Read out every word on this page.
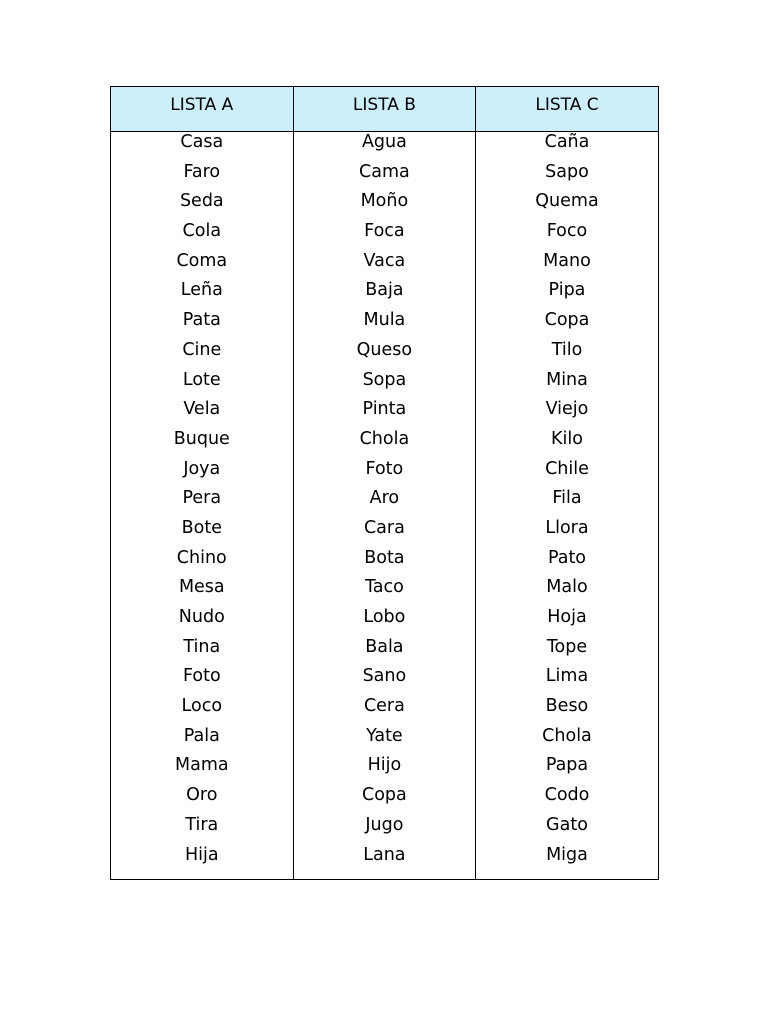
LISTA A	LISTA B	LISTA C
Casa	Agua	Caña
Faro	Cama	Sapo
Seda	Moño	Quema
Cola	Foca	Foco
Coma	Vaca	Mano
Leña	Baja	Pipa
Pata	Mula	Copa
Cine	Queso	Tilo
Lote	Sopa	Mina
Vela	Pinta	Viejo
Buque	Chola	Kilo
Joya	Foto	Chile
Pera	Aro	Fila
Bote	Cara	Llora
Chino	Bota	Pato
Mesa	Taco	Malo
Nudo	Lobo	Hoja
Tina	Bala	Tope
Foto	Sano	Lima
Loco	Cera	Beso
Pala	Yate	Chola
Mama	Hijo	Papa
Oro	Copa	Codo
Tira	Jugo	Gato
Hija	Lana	Miga
